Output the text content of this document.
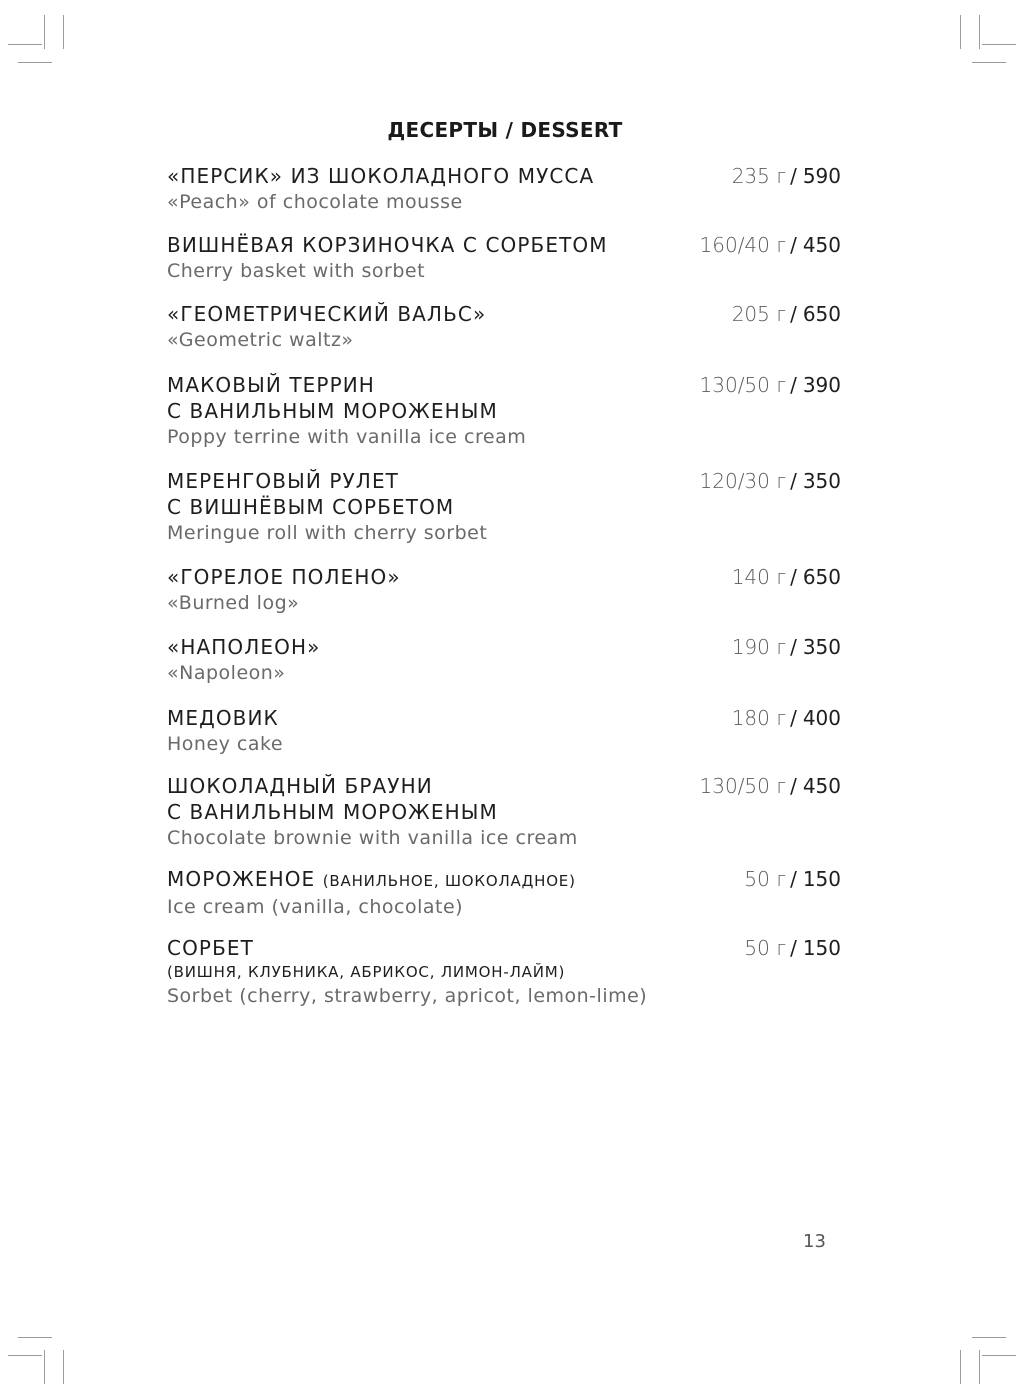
ДЕСЕРТЫ / DESSERT
«ПЕРСИК» ИЗ ШОКОЛАДНОГО МУССА
«Peach» of chocolate mousse
235 г / 590
ВИШНЁВАЯ КОРЗИНОЧКА С СОРБЕТОМ
Cherry basket with sorbet
160/40 г / 450
«ГЕОМЕТРИЧЕСКИЙ ВАЛЬС»
«Geometric waltz»
205 г / 650
МАКОВЫЙ ТЕРРИН
С ВАНИЛЬНЫМ МОРОЖЕНЫМ
Poppy terrine with vanilla ice cream
130/50 г / 390
МЕРЕНГОВЫЙ РУЛЕТ
С ВИШНЁВЫМ СОРБЕТОМ
Meringue roll with cherry sorbet
120/30 г / 350
«ГОРЕЛОЕ ПОЛЕНО»
«Burned log»
140 г / 650
«НАПОЛЕОН»
«Napoleon»
190 г / 350
МЕДОВИК
Honey cake
180 г / 400
ШОКОЛАДНЫЙ БРАУНИ
С ВАНИЛЬНЫМ МОРОЖЕНЫМ
Chocolate brownie with vanilla ice cream
130/50 г / 450
МОРОЖЕНОЕ (ВАНИЛЬНОЕ, ШОКОЛАДНОЕ)
Ice cream (vanilla, chocolate)
50 г / 150
СОРБЕТ
(ВИШНЯ, КЛУБНИКА, АБРИКОС, ЛИМОН-ЛАЙМ)
Sorbet (cherry, strawberry, apricot, lemon-lime)
50 г / 150
13
